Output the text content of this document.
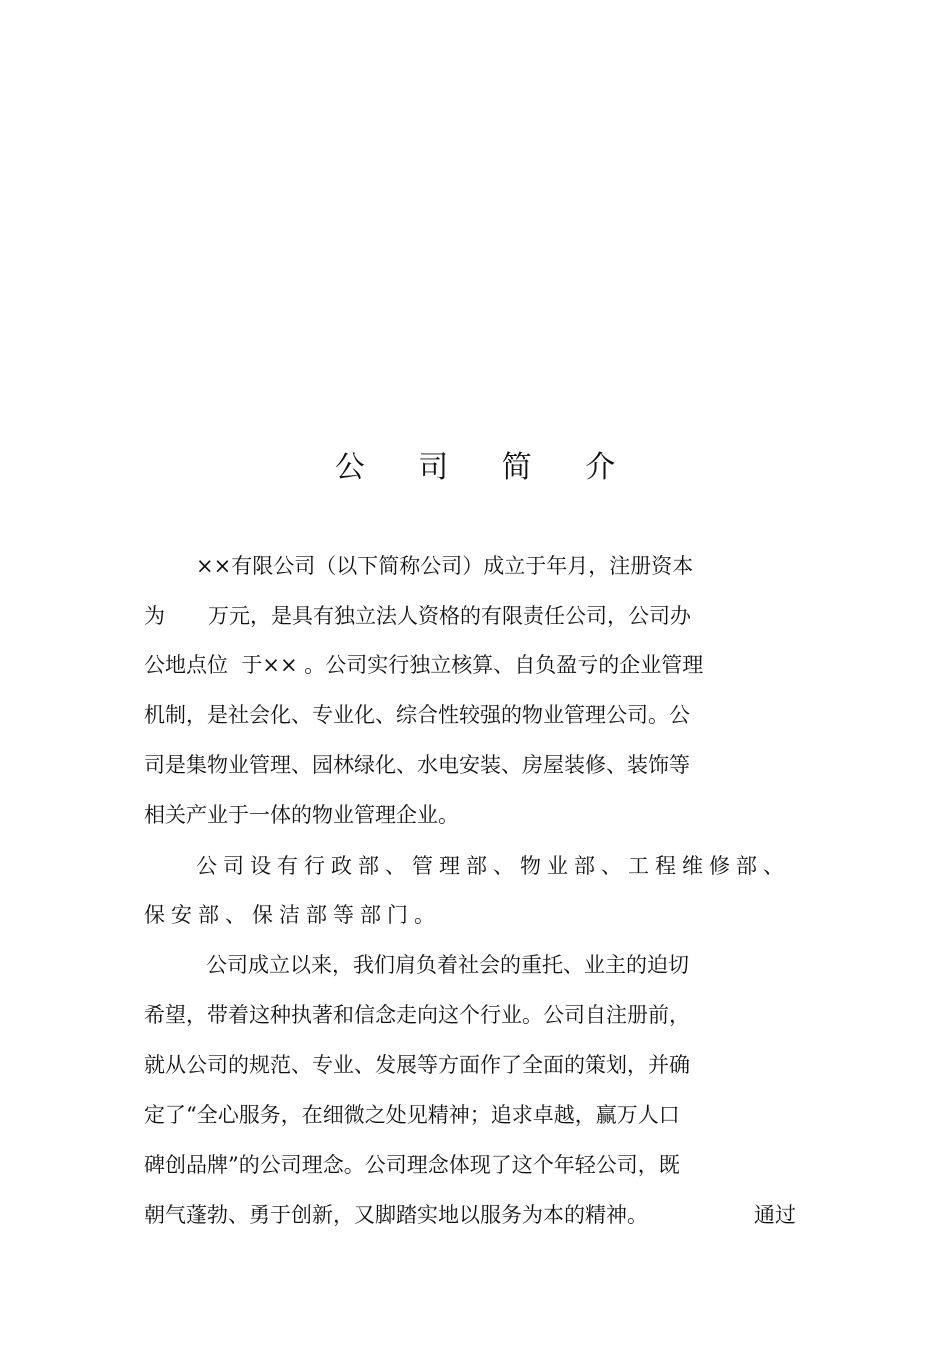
公 司 简 介
××有限公司（以下简称公司）成立于年月，注册资本
为 万元，是具有独立法人资格的有限责任公司，公司办
公地点位  于×× 。公司实行独立核算、自负盈亏的企业管理
机制，是社会化、专业化、综合性较强的物业管理公司。公
司是集物业管理、园林绿化、水电安装、房屋装修、装饰等
相关产业于一体的物业管理企业。
公司设有行政部、管理部、物业部、工程维修部、
保安部、保洁部等部门。
公司成立以来，我们肩负着社会的重托、业主的迫切
希望，带着这种执著和信念走向这个行业。公司自注册前，
就从公司的规范、专业、发展等方面作了全面的策划，并确
定了“全心服务，在细微之处见精神；追求卓越，赢万人口
碑创品牌”的公司理念。公司理念体现了这个年轻公司，既
朝气蓬勃、勇于创新，又脚踏实地以服务为本的精神。	通过
